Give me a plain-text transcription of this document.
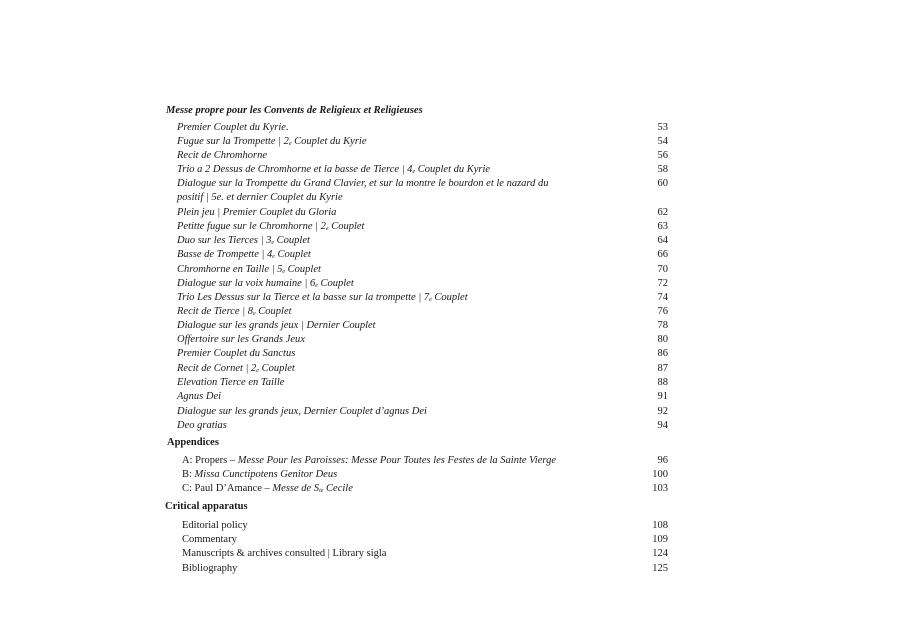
Messe propre pour les Convents de Religieux et Religieuses
Premier Couplet du Kyrie.	53
Fugue sur la Trompette | 2e Couplet du Kyrie	54
Recit de Chromhorne	56
Trio a 2 Dessus de Chromhorne et la basse de Tierce | 4e Couplet du Kyrie	58
Dialogue sur la Trompette du Grand Clavier, et sur la montre le bourdon et le nazard du	60
positif | 5e. et dernier Couplet du Kyrie
Plein jeu | Premier Couplet du Gloria	62
Petitte fugue sur le Chromhorne | 2e Couplet	63
Duo sur les Tierces | 3e Couplet	64
Basse de Trompette | 4e Couplet	66
Chromhorne en Taille | 5e Couplet	70
Dialogue sur la voix humaine | 6e Couplet	72
Trio Les Dessus sur la Tierce et la basse sur la trompette | 7e Couplet	74
Recit de Tierce | 8e Couplet	76
Dialogue sur les grands jeux | Dernier Couplet	78
Offertoire sur les Grands Jeux	80
Premier Couplet du Sanctus	86
Recit de Cornet | 2e Couplet	87
Elevation Tierce en Taille	88
Agnus Dei	91
Dialogue sur les grands jeux, Dernier Couplet d’agnus Dei	92
Deo gratias	94
Appendices
A: Propers – Messe Pour les Paroisses: Messe Pour Toutes les Festes de la Sainte Vierge	96
B: Missa Cunctipotens Genitor Deus	100
C: Paul D’Amance – Messe de $S^{te}$ Cecile	103
Critical apparatus
Editorial policy	108
Commentary	109
Manuscripts & archives consulted | Library sigla	124
Bibliography	125
